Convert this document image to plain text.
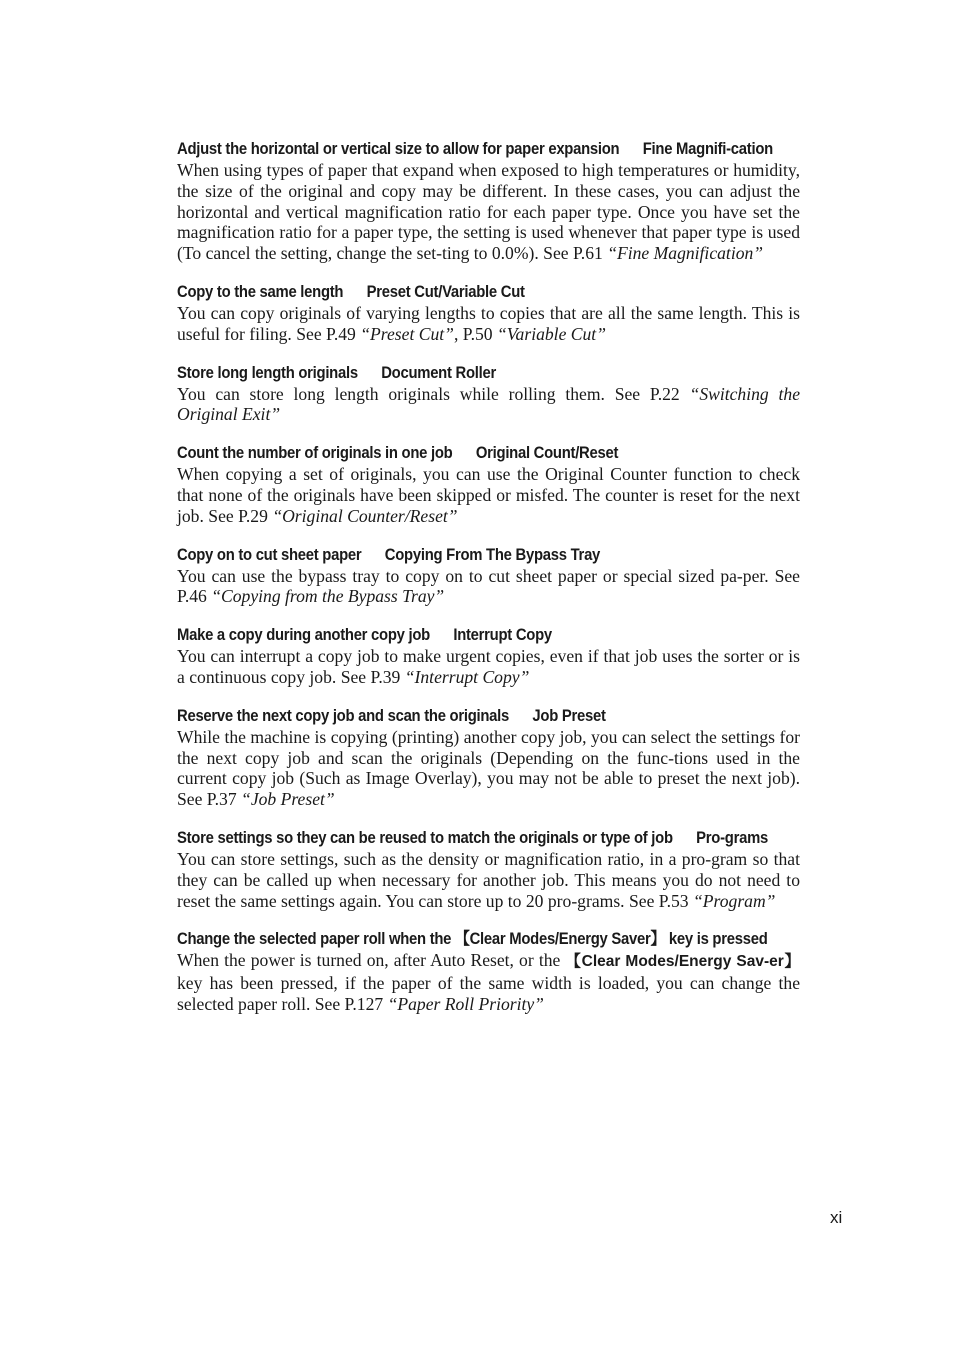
Adjust the horizontal or vertical size to allow for paper expansion Fine Magnifi-cation
When using types of paper that expand when exposed to high temperatures or humidity, the size of the original and copy may be different. In these cases, you can adjust the horizontal and vertical magnification ratio for each paper type. Once you have set the magnification ratio for a paper type, the setting is used whenever that paper type is used (To cancel the setting, change the set-ting to 0.0%). See P.61 “Fine Magnification”
Copy to the same length Preset Cut/Variable Cut
You can copy originals of varying lengths to copies that are all the same length. This is useful for filing. See P.49 “Preset Cut”, P.50 “Variable Cut”
Store long length originals Document Roller
You can store long length originals while rolling them. See P.22 “Switching the Original Exit”
Count the number of originals in one job Original Count/Reset
When copying a set of originals, you can use the Original Counter function to check that none of the originals have been skipped or misfed. The counter is reset for the next job. See P.29 “Original Counter/Reset”
Copy on to cut sheet paper Copying From The Bypass Tray
You can use the bypass tray to copy on to cut sheet paper or special sized pa-per. See P.46 “Copying from the Bypass Tray”
Make a copy during another copy job Interrupt Copy
You can interrupt a copy job to make urgent copies, even if that job uses the sorter or is a continuous copy job. See P.39 “Interrupt Copy”
Reserve the next copy job and scan the originals Job Preset
While the machine is copying (printing) another copy job, you can select the settings for the next copy job and scan the originals (Depending on the func-tions used in the current copy job (Such as Image Overlay), you may not be able to preset the next job). See P.37 “Job Preset”
Store settings so they can be reused to match the originals or type of job Pro-grams
You can store settings, such as the density or magnification ratio, in a pro-gram so that they can be called up when necessary for another job. This means you do not need to reset the same settings again. You can store up to 20 pro-grams. See P.53 “Program”
Change the selected paper roll when the 【Clear Modes/Energy Saver】 key is pressed
When the power is turned on, after Auto Reset, or the 【Clear Modes/Energy Sav-er】 key has been pressed, if the paper of the same width is loaded, you can change the selected paper roll. See P.127 “Paper Roll Priority”
xi
